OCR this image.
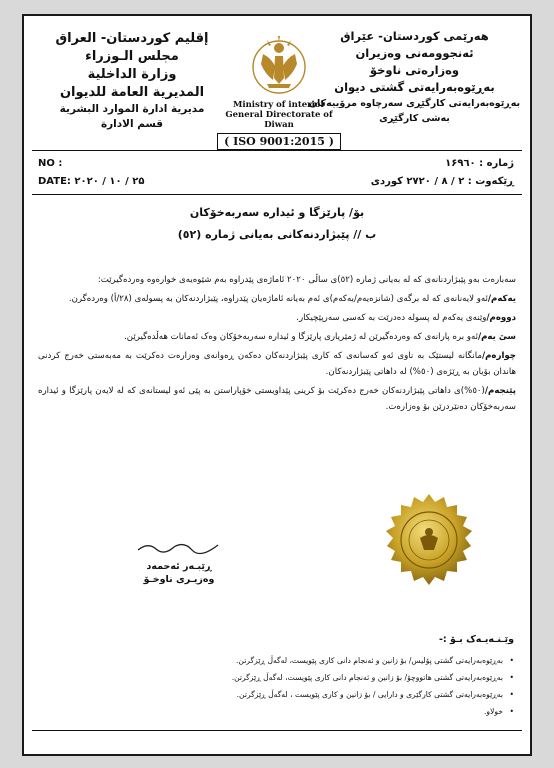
إقليم كوردستان- العراق
مجلس الـوزراء
وزارة الداخلية
المديرية العامة للديوان
مديرية ادارة الموارد البشرية
قسم الادارة
Ministry of interior
General Directorate of Diwan
( ISO 9001:2015 )
هەرێمی کوردستان- عێراق
ئەنجوومەنی وەزیران
وەزارەتی ناوخۆ
بەڕێوەبەرایەتی گشتی دیوان
بەڕێوەبەرایەتی کارگێڕی سەرچاوە مرۆییەکان
بەشی کارگێڕی
NO :	ژمارە : ۱۶۹٦۰
DATE: ۲۰۲۰ / ۱۰ / ۲۵	ڕێکەوت : ۲ / ۸ / ۲۷۲۰ کوردی
بۆ/ پارێزگا و ئیدارە سەربەخۆکان
ب // پێبژاردنەکانی بەیانی ژمارە (٥٢)

سەبارەت بەو پێبژاردنانەی کە لە بەیانی ژمارە (٥٢)ی ساڵی ۲۰۲۰ ئاماژەی پێدراوە بەم شێوەیەی خوارەوە وەردەگیرێت:

یەکەم/ئەو لایەنانەی کە لە برگەی (شانزەیەم/یەکەم)ی ئەم بەیانە ئاماژەیان پێدراوە، پێبژاردنەکان بە پسولەی (٢٨/أ) وەردەگرن.

دووەم/وێنەی یەکەم لە پسولە دەدرێت بە کەسی سەرپێچیکار.

سێ یەم/ئەو برە پارانەی کە وەردەگیرێن لە ژمێریاری پارێزگا و ئیدارە سەربەخۆکان وەک ئەمانات هەڵدەگیرێن.

چوارەم/مانگانە لیستێک بە ناوی ئەو کەسانەی کە کاری پێبژاردنەکان دەکەن ڕەوانەی وەزارەت دەکرێت بە مەبەستی خەرج کردنی هاندان بۆیان بە ڕێژەی (٥٠%) لە داهاتی پێبژاردنەکان.

پێنجەم/(٥٠%)ی داهاتی پێبژاردنەکان خەرج دەکرێت بۆ کرینی پێداویستی خۆپاراستن بە پێی ئەو لیستانەی کە لە لایەن پارێزگا و ئیدارە سەربەخۆکان دەنێردرێن بۆ وەزارەت.

ڕێبـەر ئەحمەد
وەزیـری ناوخـۆ
وێـنـەیـەک بـۆ :-
• بەڕێوەبەرایەتی گشتی پۆلیس/ بۆ زانین و ئەنجام دانی کاری پێویست، لەگەڵ ڕێزگرتن.
• بەڕێوەبەرایەتی گشتی هاتووچۆ/ بۆ زانین و ئەنجام دانی کاری پێویست، لەگەڵ ڕێزگرتن.
• بەڕێوەبەرایەتی گشتی کارگێری و دارایی / بۆ زانین و کاری پێویست ، لەگەڵ ڕێزگرتن.
• خولاو.
